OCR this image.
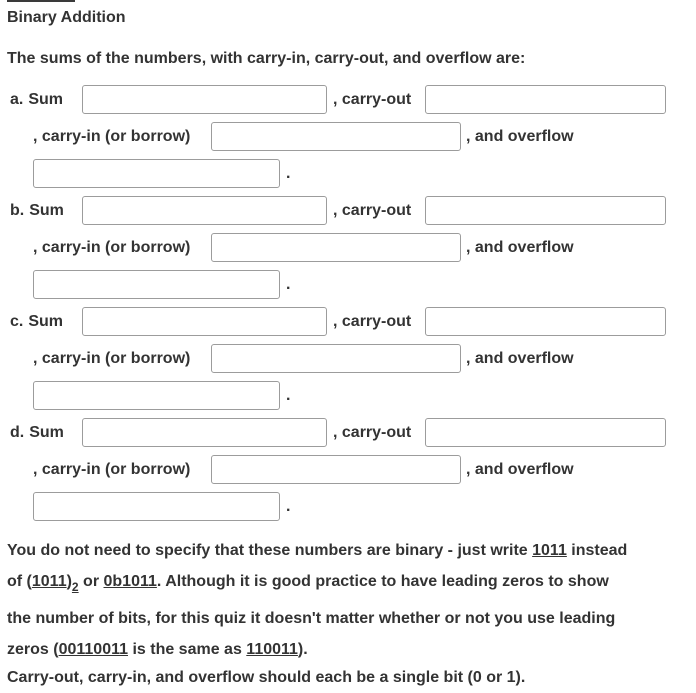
Binary Addition
The sums of the numbers, with carry-in, carry-out, and overflow are:
a. Sum	, carry-out
, carry-in (or borrow)	, and overflow
.
b. Sum	, carry-out
, carry-in (or borrow)	, and overflow
.
c. Sum	, carry-out
, carry-in (or borrow)	, and overflow
.
d. Sum	, carry-out
, carry-in (or borrow)	, and overflow
.
You do not need to specify that these numbers are binary - just write 1011 instead
of $(1011)_2$ or 0b1011. Although it is good practice to have leading zeros to show
the number of bits, for this quiz it doesn't matter whether or not you use leading
zeros (00110011 is the same as 110011).
Carry-out, carry-in, and overflow should each be a single bit (0 or 1).
